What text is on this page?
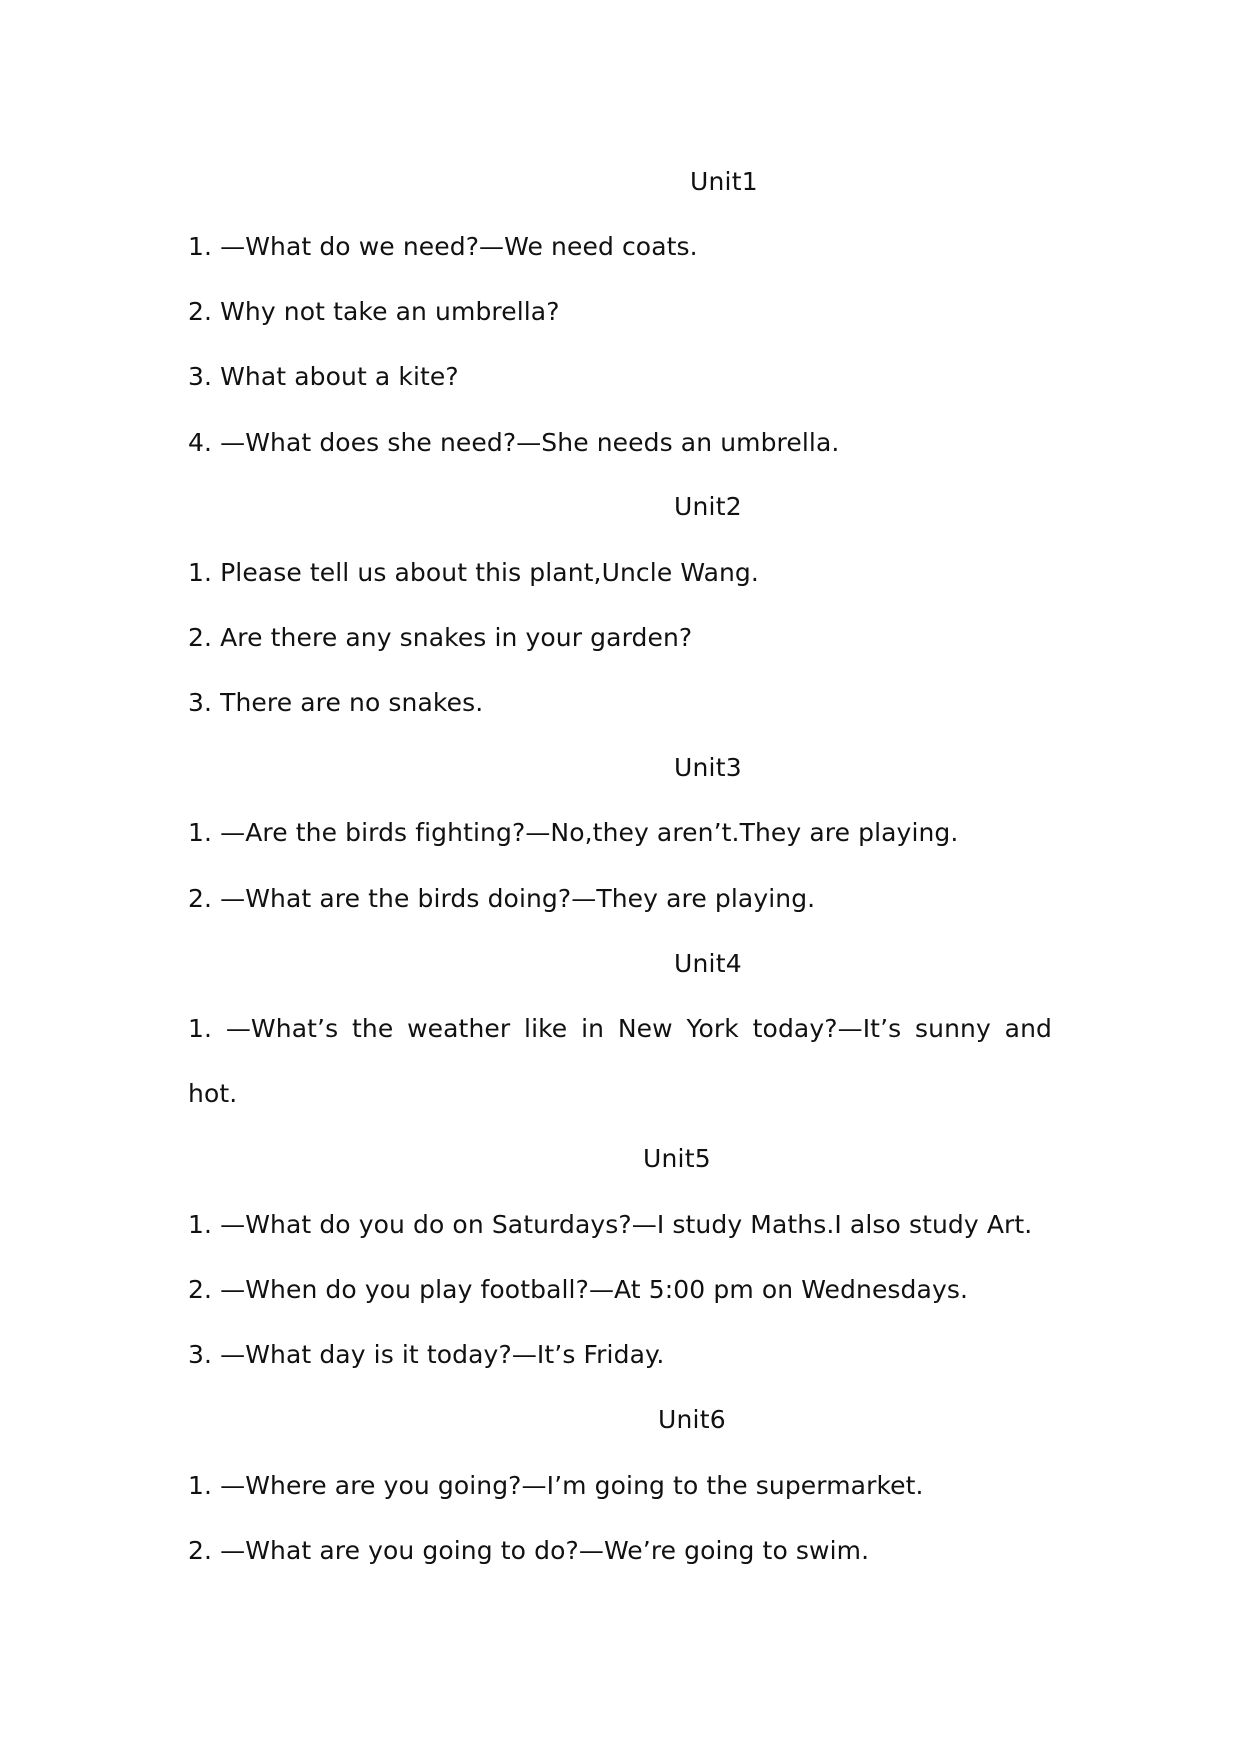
Unit1
1. —What do we need?—We need coats.
2. Why not take an umbrella?
3. What about a kite?
4. —What does she need?—She needs an umbrella.
Unit2
1. Please tell us about this plant,Uncle Wang.
2. Are there any snakes in your garden?
3. There are no snakes.
Unit3
1. —Are the birds fighting?—No,they aren’t.They are playing.
2. —What are the birds doing?—They are playing.
Unit4
1. —What’s the weather like in New York today?—It’s sunny and
hot.
Unit5
1. —What do you do on Saturdays?—I study Maths.I also study Art.
2. —When do you play football?—At 5:00 pm on Wednesdays.
3. —What day is it today?—It’s Friday.
Unit6
1. —Where are you going?—I’m going to the supermarket.
2. —What are you going to do?—We’re going to swim.
